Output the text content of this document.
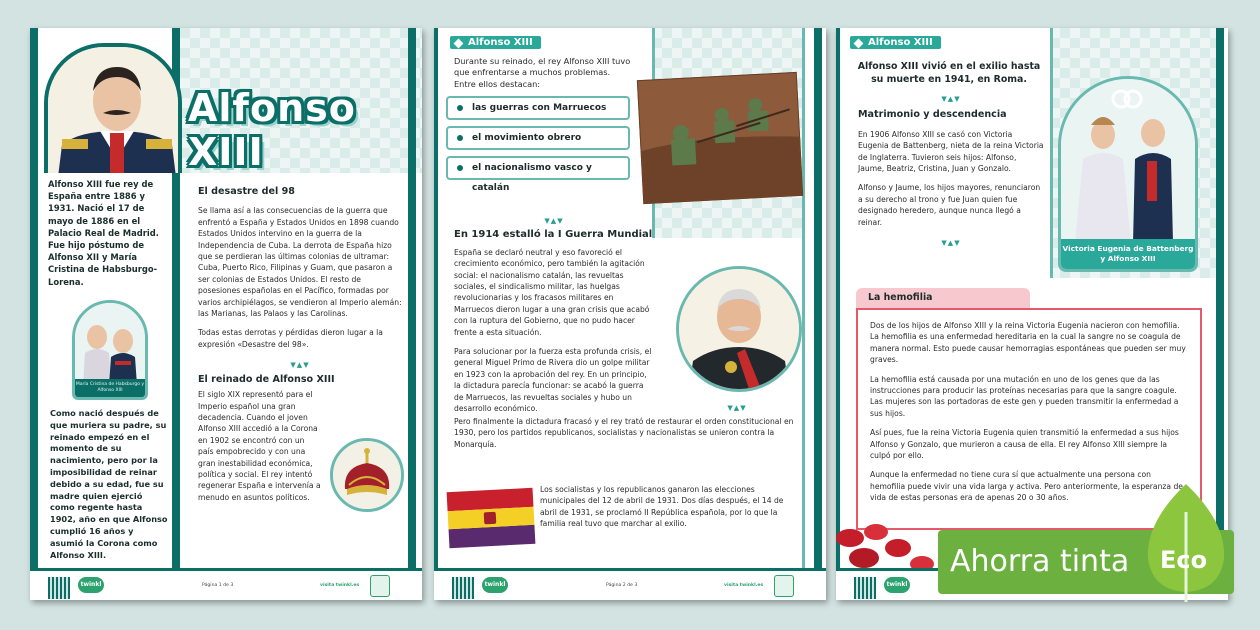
Alfonso XIII
Alfonso XIII fue rey de España entre 1886 y 1931. Nació el 17 de mayo de 1886 en el Palacio Real de Madrid. Fue hijo póstumo de Alfonso XII y María Cristina de Habsburgo-Lorena.
María Cristina de Habsburgo y Alfonso XIII
Como nació después de que muriera su padre, su reinado empezó en el momento de su nacimiento, pero por la imposibilidad de reinar debido a su edad, fue su madre quien ejerció como regente hasta 1902, año en que Alfonso cumplió 16 años y asumió la Corona como Alfonso XIII.
El desastre del 98
Se llama así a las consecuencias de la guerra que enfrentó a España y Estados Unidos en 1898 cuando Estados Unidos intervino en la guerra de la Independencia de Cuba. La derrota de España hizo que se perdieran las últimas colonias de ultramar: Cuba, Puerto Rico, Filipinas y Guam, que pasaron a ser colonias de Estados Unidos. El resto de posesiones españolas en el Pacífico, formadas por varios archipiélagos, se vendieron al Imperio alemán: las Marianas, las Palaos y las Carolinas.
Todas estas derrotas y pérdidas dieron lugar a la expresión «Desastre del 98».
▼▲▼
El reinado de Alfonso XIII
El siglo XIX representó para el Imperio español una gran decadencia. Cuando el joven Alfonso XIII accedió a la Corona en 1902 se encontró con un país empobrecido y con una gran inestabilidad económica, política y social. El rey intentó regenerar España e intervenía a menudo en asuntos políticos.
twinkl	Página 1 de 3	visita twinkl.es
Alfonso XIII
Durante su reinado, el rey Alfonso XIII tuvo que enfrentarse a muchos problemas. Entre ellos destacan:
las guerras con Marruecos
el movimiento obrero
el nacionalismo vasco y catalán
▼▲▼
En 1914 estalló la I Guerra Mundial
España se declaró neutral y eso favoreció el crecimiento económico, pero también la agitación social: el nacionalismo catalán, las revueltas sociales, el sindicalismo militar, las huelgas revolucionarias y los fracasos militares en Marruecos dieron lugar a una gran crisis que acabó con la ruptura del Gobierno, que no pudo hacer frente a esta situación.
Para solucionar por la fuerza esta profunda crisis, el general Miguel Primo de Rivera dio un golpe militar en 1923 con la aprobación del rey. En un principio, la dictadura parecía funcionar: se acabó la guerra de Marruecos, las revueltas sociales y hubo un desarrollo económico.	▼▲▼
Pero finalmente la dictadura fracasó y el rey trató de restaurar el orden constitucional en 1930, pero los partidos republicanos, socialistas y nacionalistas se unieron contra la Monarquía.
Los socialistas y los republicanos ganaron las elecciones municipales del 12 de abril de 1931. Dos días después, el 14 de abril de 1931, se proclamó II República española, por lo que la familia real tuvo que marchar al exilio.
twinkl	Página 2 de 3	visita twinkl.es
Alfonso XIII
Alfonso XIII vivió en el exilio hasta su muerte en 1941, en Roma.
▼▲▼
Matrimonio y descendencia
En 1906 Alfonso XIII se casó con Victoria Eugenia de Battenberg, nieta de la reina Victoria de Inglaterra. Tuvieron seis hijos: Alfonso, Jaume, Beatriz, Cristina, Juan y Gonzalo.
Alfonso y Jaume, los hijos mayores, renunciaron a su derecho al trono y fue Juan quien fue designado heredero, aunque nunca llegó a reinar.
▼▲▼
Victoria Eugenia de Battenberg y Alfonso XIII
La hemofilia
Dos de los hijos de Alfonso XIII y la reina Victoria Eugenia nacieron con hemofilia. La hemofilia es una enfermedad hereditaria en la cual la sangre no se coagula de manera normal. Esto puede causar hemorragias espontáneas que pueden ser muy graves.
La hemofilia está causada por una mutación en uno de los genes que da las instrucciones para producir las proteínas necesarias para que la sangre coagule. Las mujeres son las portadoras de este gen y pueden transmitir la enfermedad a sus hijos.
Así pues, fue la reina Victoria Eugenia quien transmitió la enfermedad a sus hijos Alfonso y Gonzalo, que murieron a causa de ella. El rey Alfonso XIII siempre la culpó por ello.
Aunque la enfermedad no tiene cura sí que actualmente una persona con hemofilia puede vivir una vida larga y activa. Pero anteriormente, la esperanza de vida de estas personas era de apenas 20 o 30 años.
twinkl
Ahorra tinta Eco
